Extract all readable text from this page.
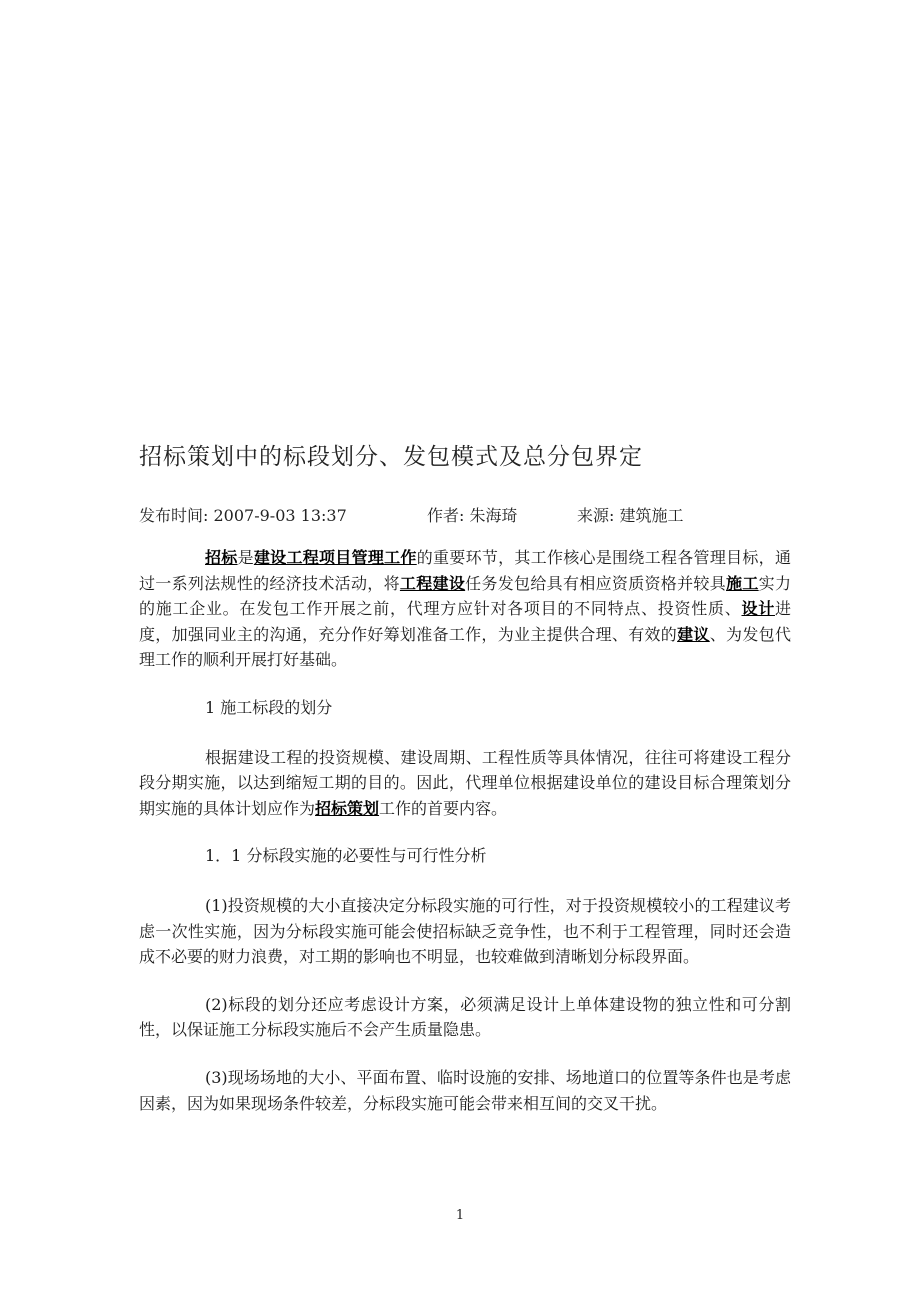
招标策划中的标段划分、发包模式及总分包界定
发布时间: 2007-9-03 13:37	作者: 朱海琦	来源: 建筑施工

招标是建设工程项目管理工作的重要环节，其工作核心是围绕工程各管理目标，通过一系列法规性的经济技术活动，将工程建设任务发包给具有相应资质资格并较具施工实力的施工企业。在发包工作开展之前，代理方应针对各项目的不同特点、投资性质、设计进度，加强同业主的沟通，充分作好筹划准备工作，为业主提供合理、有效的建议、为发包代理工作的顺利开展打好基础。

1 施工标段的划分

根据建设工程的投资规模、建设周期、工程性质等具体情况，往往可将建设工程分段分期实施，以达到缩短工期的目的。因此，代理单位根据建设单位的建设目标合理策划分期实施的具体计划应作为招标策划工作的首要内容。

1．1 分标段实施的必要性与可行性分析

(1)投资规模的大小直接决定分标段实施的可行性，对于投资规模较小的工程建议考虑一次性实施，因为分标段实施可能会使招标缺乏竞争性，也不利于工程管理，同时还会造成不必要的财力浪费，对工期的影响也不明显，也较难做到清晰划分标段界面。

(2)标段的划分还应考虑设计方案，必须满足设计上单体建设物的独立性和可分割性，以保证施工分标段实施后不会产生质量隐患。

(3)现场场地的大小、平面布置、临时设施的安排、场地道口的位置等条件也是考虑因素，因为如果现场条件较差，分标段实施可能会带来相互间的交叉干扰。

1
